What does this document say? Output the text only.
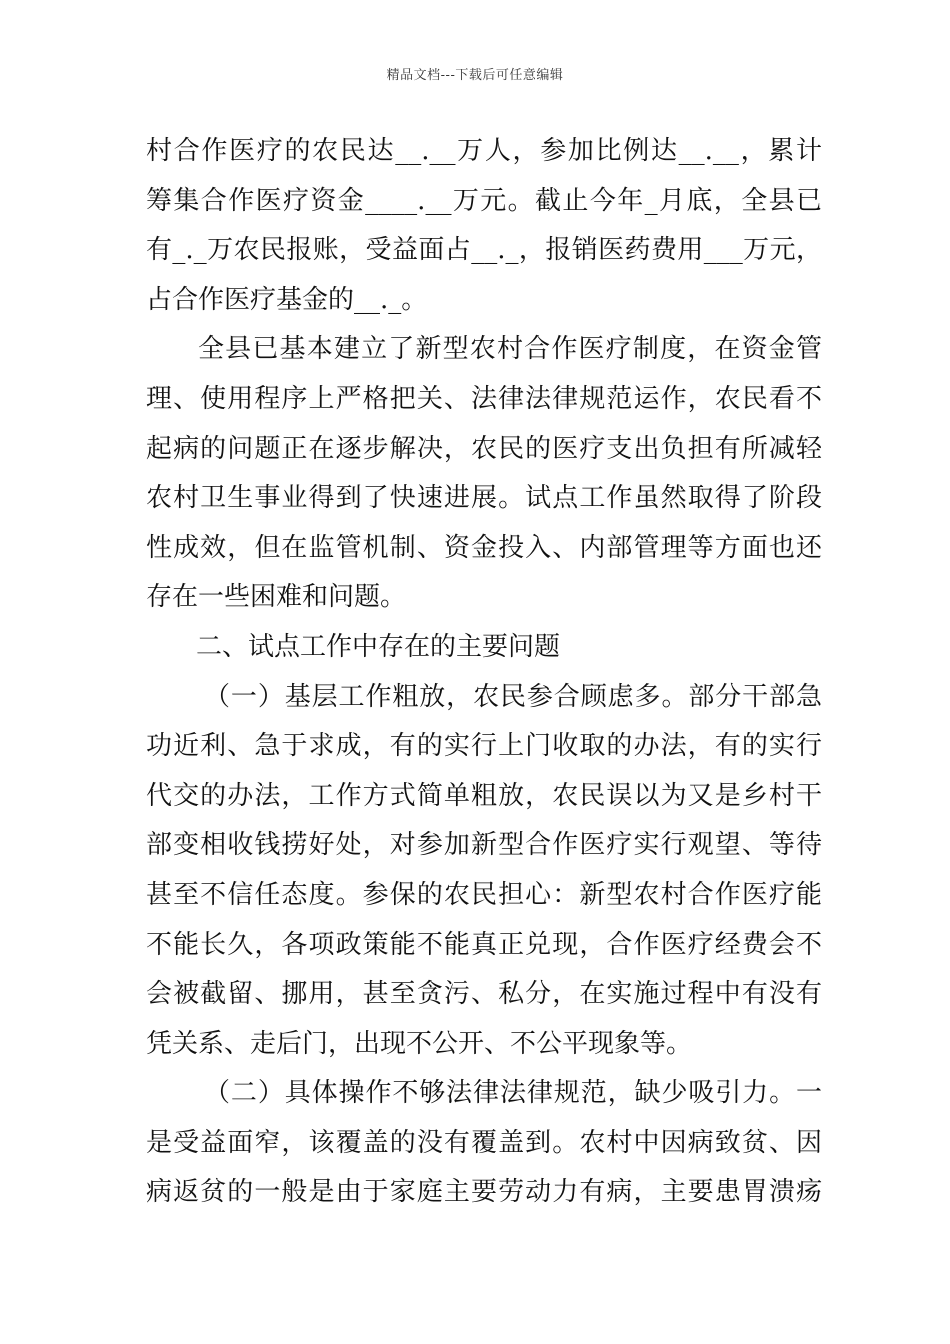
精品文档---下载后可任意编辑
村合作医疗的农民达__.__万人，参加比例达__.__，累计
筹集合作医疗资金____.__万元。截止今年_月底，全县已
有_._万农民报账，受益面占__._，报销医药费用___万元，
占合作医疗基金的__._。
全县已基本建立了新型农村合作医疗制度，在资金管
理、使用程序上严格把关、法律法律规范运作，农民看不
起病的问题正在逐步解决，农民的医疗支出负担有所减轻
农村卫生事业得到了快速进展。试点工作虽然取得了阶段
性成效，但在监管机制、资金投入、内部管理等方面也还
存在一些困难和问题。
二、试点工作中存在的主要问题
（一）基层工作粗放，农民参合顾虑多。部分干部急
功近利、急于求成，有的实行上门收取的办法，有的实行
代交的办法，工作方式简单粗放，农民误以为又是乡村干
部变相收钱捞好处，对参加新型合作医疗实行观望、等待
甚至不信任态度。参保的农民担心：新型农村合作医疗能
不能长久，各项政策能不能真正兑现，合作医疗经费会不
会被截留、挪用，甚至贪污、私分，在实施过程中有没有
凭关系、走后门，出现不公开、不公平现象等。
（二）具体操作不够法律法律规范，缺少吸引力。一
是受益面窄，该覆盖的没有覆盖到。农村中因病致贫、因
病返贫的一般是由于家庭主要劳动力有病，主要患胃溃疡
